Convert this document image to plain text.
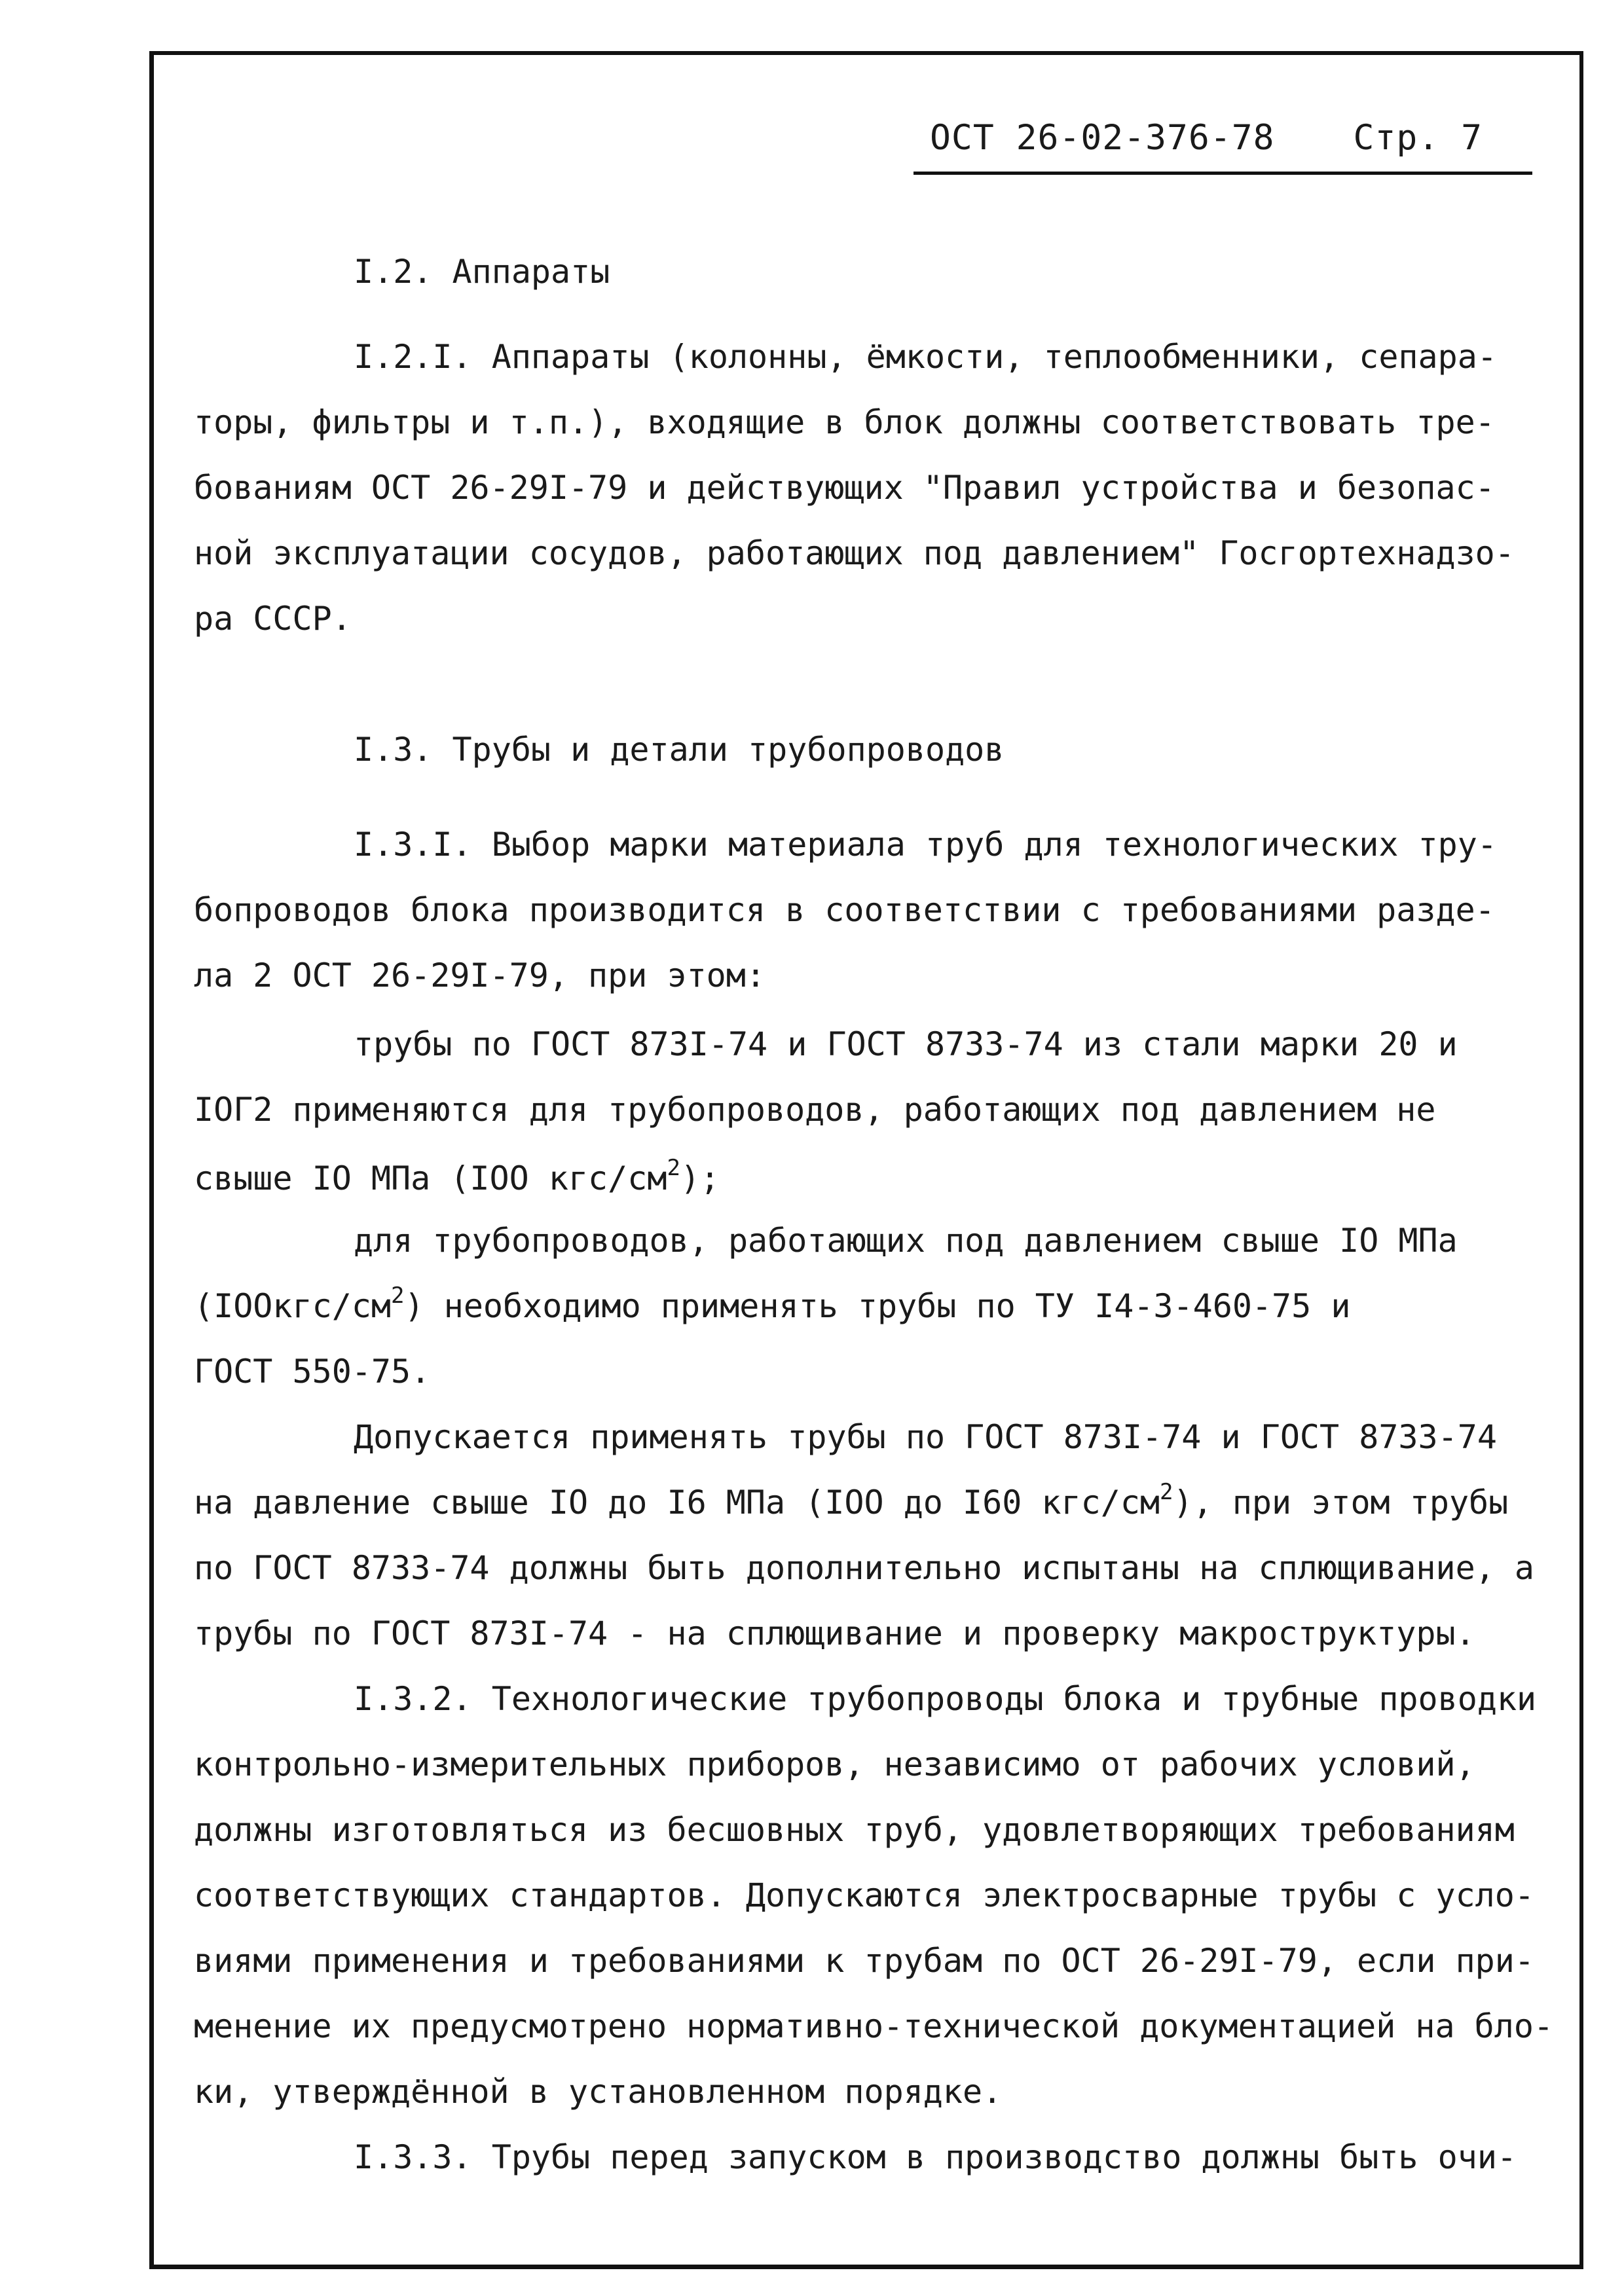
ОСТ 26-02-376-78 Стр. 7
I.2. Аппараты
I.2.I. Аппараты (колонны, ёмкости, теплообменники, сепара-
торы, фильтры и т.п.), входящие в блок должны соответствовать тре-
бованиям ОСТ 26-29I-79 и действующих "Правил устройства и безопас-
ной эксплуатации сосудов, работающих под давлением" Госгортехнадзо-
ра СССР.
I.3. Трубы и детали трубопроводов
I.3.I. Выбор марки материала труб для технологических тру-
бопроводов блока производится в соответствии с требованиями разде-
ла 2 ОСТ 26-29I-79, при этом:
трубы по ГОСТ 873I-74 и ГОСТ 8733-74 из стали марки 20 и
IOГ2 применяются для трубопроводов, работающих под давлением не
свыше IO МПа (IOO кгс/$см^2$);
для трубопроводов, работающих под давлением свыше IO МПа
$(IOOкгс/см^2)$ необходимо применять трубы по ТУ I4-3-460-75 и
ГОСТ 550-75.
Допускается применять трубы по ГОСТ 873I-74 и ГОСТ 8733-74
на давление свыше IO до I6 МПа (IOO до I60 кгс/$см^2$), при этом трубы
по ГОСТ 8733-74 должны быть дополнительно испытаны на сплющивание, а
трубы по ГОСТ 873I-74 - на сплющивание и проверку макроструктуры.
I.3.2. Технологические трубопроводы блока и трубные проводки
контрольно-измерительных приборов, независимо от рабочих условий,
должны изготовляться из бесшовных труб, удовлетворяющих требованиям
соответствующих стандартов. Допускаются электросварные трубы с усло-
виями применения и требованиями к трубам по ОСТ 26-29I-79, если при-
менение их предусмотрено нормативно-технической документацией на бло-
ки, утверждённой в установленном порядке.
I.3.3. Трубы перед запуском в производство должны быть очи-
